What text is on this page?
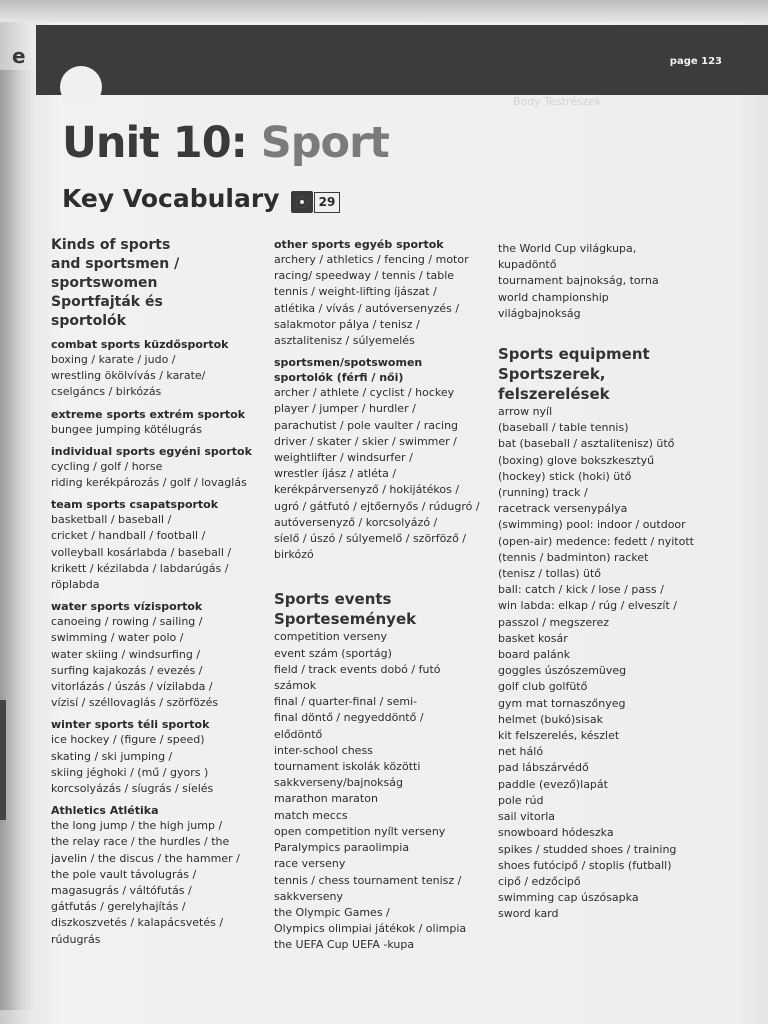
e	page 123
Body Testrészek
Unit 10: Sport
Key Vocabulary	29
Kinds of sports
and sportsmen /
sportswomen
Sportfajták és
sportolók
combat sports küzdősportok
boxing / karate / judo /
wrestling ökölvívás / karate/
cselgáncs / birkózás
extreme sports extrém sportok
bungee jumping kötélugrás
individual sports egyéni sportok
cycling / golf / horse
riding kerékpározás / golf / lovaglás
team sports csapatsportok
basketball / baseball /
cricket / handball / football /
volleyball kosárlabda / baseball /
krikett / kézilabda / labdarúgás /
röplabda
water sports vízisportok
canoeing / rowing / sailing /
swimming / water polo /
water skiing / windsurfing /
surfing kajakozás / evezés /
vitorlázás / úszás / vízilabda /
vízisí / széllovaglás / szörfözés
winter sports téli sportok
ice hockey / (figure / speed)
skating / ski jumping /
skiing jéghoki / (mű / gyors )
korcsolyázás / síugrás / síelés
Athletics Atlétika
the long jump / the high jump /
the relay race / the hurdles / the
javelin / the discus / the hammer /
the pole vault távolugrás /
magasugrás / váltófutás /
gátfutás / gerelyhajítás /
diszkoszvetés / kalapácsvetés /
rúdugrás
other sports egyéb sportok
archery / athletics / fencing / motor
racing/ speedway / tennis / table
tennis / weight-lifting íjászat /
atlétika / vívás / autóversenyzés /
salakmotor pálya / tenisz /
asztalitenisz / súlyemelés
sportsmen/spotswomen
sportolók (férfi / női)
archer / athlete / cyclist / hockey
player / jumper / hurdler /
parachutist / pole vaulter / racing
driver / skater / skier / swimmer /
weightlifter / windsurfer /
wrestler íjász / atléta /
kerékpárversenyző / hokijátékos /
ugró / gátfutó / ejtőernyős / rúdugró /
autóversenyző / korcsolyázó /
síelő / úszó / súlyemelő / szörföző /
birkózó
Sports events
Sportesemények
competition verseny
event szám (sportág)
field / track events dobó / futó
számok
final / quarter-final / semi-
final döntő / negyeddöntő /
elődöntő
inter-school chess
tournament iskolák közötti
sakkverseny/bajnokság
marathon maraton
match meccs
open competition nyílt verseny
Paralympics paraolimpia
race verseny
tennis / chess tournament tenisz /
sakkverseny
the Olympic Games /
Olympics olimpiai játékok / olimpia
the UEFA Cup UEFA -kupa
the World Cup világkupa,
kupadöntő
tournament bajnokság, torna
world championship
világbajnokság
Sports equipment
Sportszerek,
felszerelések
arrow nyíl
(baseball / table tennis)
bat (baseball / asztalitenisz) ütő
(boxing) glove bokszkesztyű
(hockey) stick (hoki) ütő
(running) track /
racetrack versenypálya
(swimming) pool: indoor / outdoor
(open-air) medence: fedett / nyitott
(tennis / badminton) racket
(tenisz / tollas) ütő
ball: catch / kick / lose / pass /
win labda: elkap / rúg / elveszít /
passzol / megszerez
basket kosár
board palánk
goggles úszószemüveg
golf club golfütő
gym mat tornaszőnyeg
helmet (bukó)sisak
kit felszerelés, készlet
net háló
pad lábszárvédő
paddle (evező)lapát
pole rúd
sail vitorla
snowboard hódeszka
spikes / studded shoes / training
shoes futócipő / stoplis (futball)
cipő / edzőcipő
swimming cap úszósapka
sword kard
